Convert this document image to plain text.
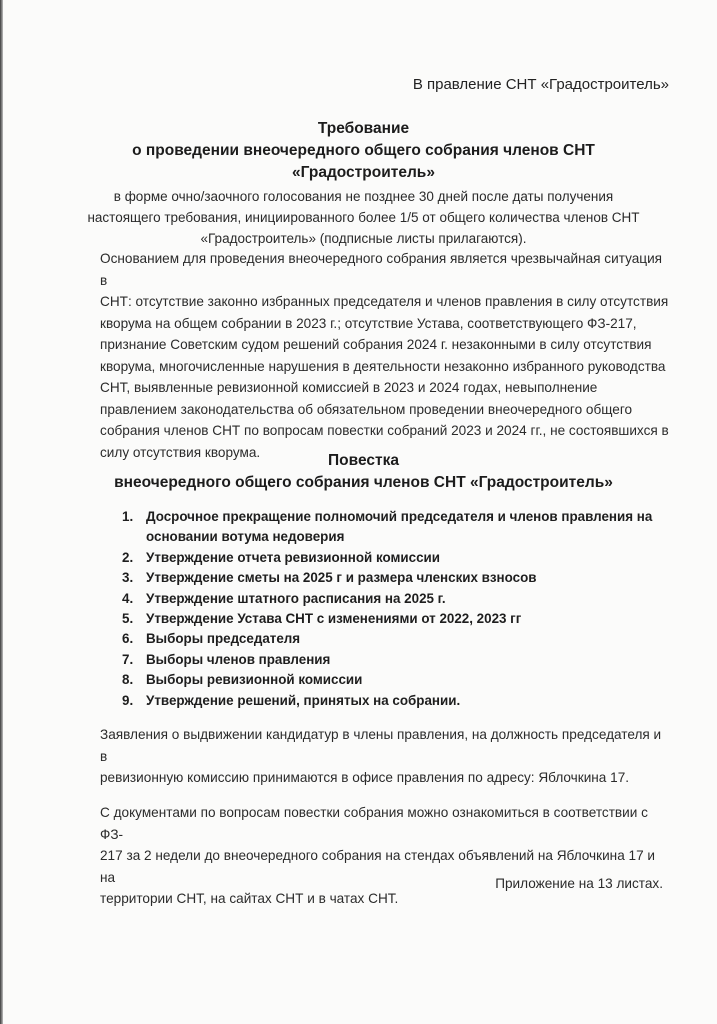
В правление СНТ «Градостроитель»
Требование
о проведении внеочередного общего собрания членов СНТ
«Градостроитель»
в форме очно/заочного голосования не позднее 30 дней после даты получения
настоящего требования, инициированного более 1/5 от общего количества членов СНТ
«Градостроитель» (подписные листы прилагаются).
Основанием для проведения внеочередного собрания является чрезвычайная ситуация в
СНТ: отсутствие законно избранных председателя и членов правления в силу отсутствия
кворума на общем собрании в 2023 г.; отсутствие Устава, соответствующего ФЗ-217,
признание Советским судом решений собрания 2024 г. незаконными в силу отсутствия
кворума, многочисленные нарушения в деятельности незаконно избранного руководства
СНТ, выявленные ревизионной комиссией в 2023 и 2024 годах, невыполнение
правлением законодательства об обязательном проведении внеочередного общего
собрания членов СНТ по вопросам повестки собраний 2023 и 2024 гг., не состоявшихся в
силу отсутствия кворума.	Повестка
внеочередного общего собрания членов СНТ «Градостроитель»
1. Досрочное прекращение полномочий председателя и членов правления на
основании вотума недоверия
2. Утверждение отчета ревизионной комиссии
3. Утверждение сметы на 2025 г и размера членских взносов
4. Утверждение штатного расписания на 2025 г.
5. Утверждение Устава СНТ с изменениями от 2022, 2023 гг
6. Выборы председателя
7. Выборы членов правления
8. Выборы ревизионной комиссии
9. Утверждение решений, принятых на собрании.
Заявления о выдвижении кандидатур в члены правления, на должность председателя и в
ревизионную комиссию принимаются в офисе правления по адресу: Яблочкина 17.
С документами по вопросам повестки собрания можно ознакомиться в соответствии с ФЗ-
217 за 2 недели до внеочередного собрания на стендах объявлений на Яблочкина 17 и на
территории СНТ, на сайтах СНТ и в чатах СНТ.
Приложение на 13 листах.
